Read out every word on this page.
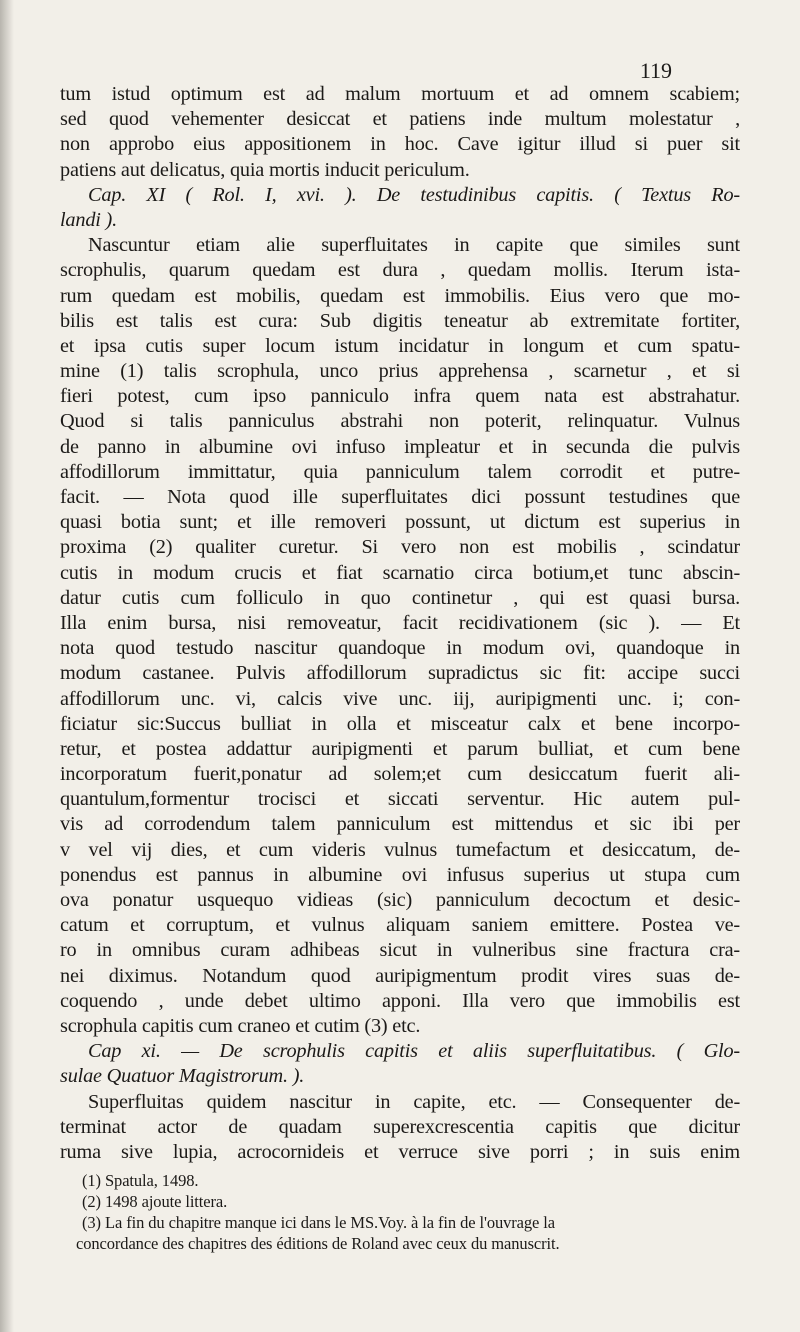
119
tum istud optimum est ad malum mortuum et ad omnem scabiem;
sed quod vehementer desiccat et patiens inde multum molestatur ,
non approbo eius appositionem in hoc. Cave igitur illud si puer sit
patiens aut delicatus, quia mortis inducit periculum.
Cap. XI ( Rol. I, xvi. ). De testudinibus capitis. ( Textus Ro-
landi ).
Nascuntur etiam alie superfluitates in capite que similes sunt
scrophulis, quarum quedam est dura , quedam mollis. Iterum ista-
rum quedam est mobilis, quedam est immobilis. Eius vero que mo-
bilis est talis est cura: Sub digitis teneatur ab extremitate fortiter,
et ipsa cutis super locum istum incidatur in longum et cum spatu-
mine (1) talis scrophula, unco prius apprehensa , scarnetur , et si
fieri potest, cum ipso panniculo infra quem nata est abstrahatur.
Quod si talis panniculus abstrahi non poterit, relinquatur. Vulnus
de panno in albumine ovi infuso impleatur et in secunda die pulvis
affodillorum immittatur, quia panniculum talem corrodit et putre-
facit. — Nota quod ille superfluitates dici possunt testudines que
quasi botia sunt; et ille removeri possunt, ut dictum est superius in
proxima (2) qualiter curetur. Si vero non est mobilis , scindatur
cutis in modum crucis et fiat scarnatio circa botium,et tunc abscin-
datur cutis cum folliculo in quo continetur , qui est quasi bursa.
Illa enim bursa, nisi removeatur, facit recidivationem (sic ). — Et
nota quod testudo nascitur quandoque in modum ovi, quandoque in
modum castanee. Pulvis affodillorum supradictus sic fit: accipe succi
affodillorum unc. vi, calcis vive unc. iij, auripigmenti unc. i; con-
ficiatur sic:Succus bulliat in olla et misceatur calx et bene incorpo-
retur, et postea addattur auripigmenti et parum bulliat, et cum bene
incorporatum fuerit,ponatur ad solem;et cum desiccatum fuerit ali-
quantulum,formentur trocisci et siccati serventur. Hic autem pul-
vis ad corrodendum talem panniculum est mittendus et sic ibi per
v vel vij dies, et cum videris vulnus tumefactum et desiccatum, de-
ponendus est pannus in albumine ovi infusus superius ut stupa cum
ova ponatur usquequo vidieas (sic) panniculum decoctum et desic-
catum et corruptum, et vulnus aliquam saniem emittere. Postea ve-
ro in omnibus curam adhibeas sicut in vulneribus sine fractura cra-
nei diximus. Notandum quod auripigmentum prodit vires suas de-
coquendo , unde debet ultimo apponi. Illa vero que immobilis est
scrophula capitis cum craneo et cutim (3) etc.
Cap xi. — De scrophulis capitis et aliis superfluitatibus. ( Glo-
sulae Quatuor Magistrorum. ).
Superfluitas quidem nascitur in capite, etc. — Consequenter de-
terminat actor de quadam superexcrescentia capitis que dicitur
ruma sive lupia, acrocornideis et verruce sive porri ; in suis enim
(1) Spatula, 1498.
(2) 1498 ajoute littera.
(3) La fin du chapitre manque ici dans le MS.Voy. à la fin de l'ouvrage la
concordance des chapitres des éditions de Roland avec ceux du manuscrit.
